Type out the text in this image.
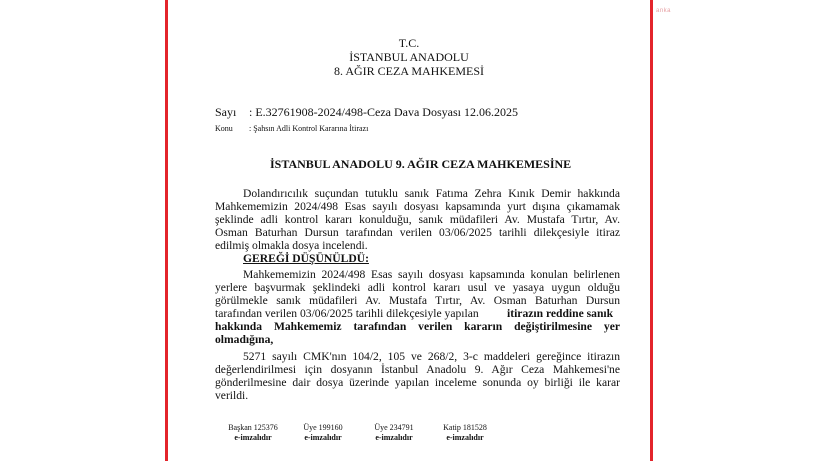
anka
T.C.
İSTANBUL ANADOLU
8. AĞIR CEZA MAHKEMESİ
Sayı : E.32761908-2024/498-Ceza Dava Dosyası 12.06.2025
Konu : Şahsın Adli Kontrol Kararına İtirazı
İSTANBUL ANADOLU 9. AĞIR CEZA MAHKEMESİNE
Dolandırıcılık suçundan tutuklu sanık Fatıma Zehra Kınık Demir hakkında
Mahkememizin 2024/498 Esas sayılı dosyası kapsamında yurt dışına çıkamamak
şeklinde adli kontrol kararı konulduğu, sanık müdafileri Av. Mustafa Tırtır, Av.
Osman Baturhan Dursun tarafından verilen 03/06/2025 tarihli dilekçesiyle itiraz
edilmiş olmakla dosya incelendi.
GEREĞİ DÜŞÜNÜLDÜ:
Mahkememizin 2024/498 Esas sayılı dosyası kapsamında konulan belirlenen
yerlere başvurmak şeklindeki adli kontrol kararı usul ve yasaya uygun olduğu
görülmekle sanık müdafileri Av. Mustafa Tırtır, Av. Osman Baturhan Dursun
tarafından verilen 03/06/2025 tarihli dilekçesiyle yapılan itirazın reddine sanık
hakkında Mahkememiz tarafından verilen kararın değiştirilmesine yer
olmadığına,
5271 sayılı CMK'nın 104/2, 105 ve 268/2, 3-c maddeleri gereğince itirazın
değerlendirilmesi için dosyanın İstanbul Anadolu 9. Ağır Ceza Mahkemesi'ne
gönderilmesine dair dosya üzerinde yapılan inceleme sonunda oy birliği ile karar
verildi.
Başkan 125376
e-imzalıdır
Üye 199160
e-imzalıdır
Üye 234791
e-imzalıdır
Katip 181528
e-imzalıdır
